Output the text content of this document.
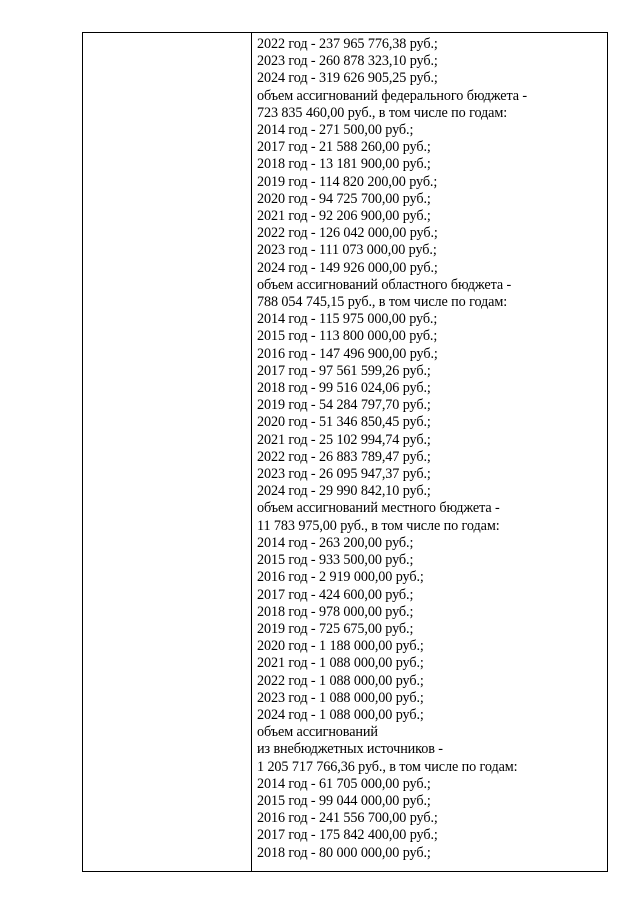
2022 год - 237 965 776,38 руб.;
2023 год - 260 878 323,10 руб.;
2024 год - 319 626 905,25 руб.;
объем ассигнований федерального бюджета -
723 835 460,00 руб., в том числе по годам:
2014 год - 271 500,00 руб.;
2017 год - 21 588 260,00 руб.;
2018 год - 13 181 900,00 руб.;
2019 год - 114 820 200,00 руб.;
2020 год - 94 725 700,00 руб.;
2021 год - 92 206 900,00 руб.;
2022 год - 126 042 000,00 руб.;
2023 год - 111 073 000,00 руб.;
2024 год - 149 926 000,00 руб.;
объем ассигнований областного бюджета -
788 054 745,15 руб., в том числе по годам:
2014 год - 115 975 000,00 руб.;
2015 год - 113 800 000,00 руб.;
2016 год - 147 496 900,00 руб.;
2017 год - 97 561 599,26 руб.;
2018 год - 99 516 024,06 руб.;
2019 год - 54 284 797,70 руб.;
2020 год - 51 346 850,45 руб.;
2021 год - 25 102 994,74 руб.;
2022 год - 26 883 789,47 руб.;
2023 год - 26 095 947,37 руб.;
2024 год - 29 990 842,10 руб.;
объем ассигнований местного бюджета -
11 783 975,00 руб., в том числе по годам:
2014 год - 263 200,00 руб.;
2015 год - 933 500,00 руб.;
2016 год - 2 919 000,00 руб.;
2017 год - 424 600,00 руб.;
2018 год - 978 000,00 руб.;
2019 год - 725 675,00 руб.;
2020 год - 1 188 000,00 руб.;
2021 год - 1 088 000,00 руб.;
2022 год - 1 088 000,00 руб.;
2023 год - 1 088 000,00 руб.;
2024 год - 1 088 000,00 руб.;
объем ассигнований
из внебюджетных источников -
1 205 717 766,36 руб., в том числе по годам:
2014 год - 61 705 000,00 руб.;
2015 год - 99 044 000,00 руб.;
2016 год - 241 556 700,00 руб.;
2017 год - 175 842 400,00 руб.;
2018 год - 80 000 000,00 руб.;
